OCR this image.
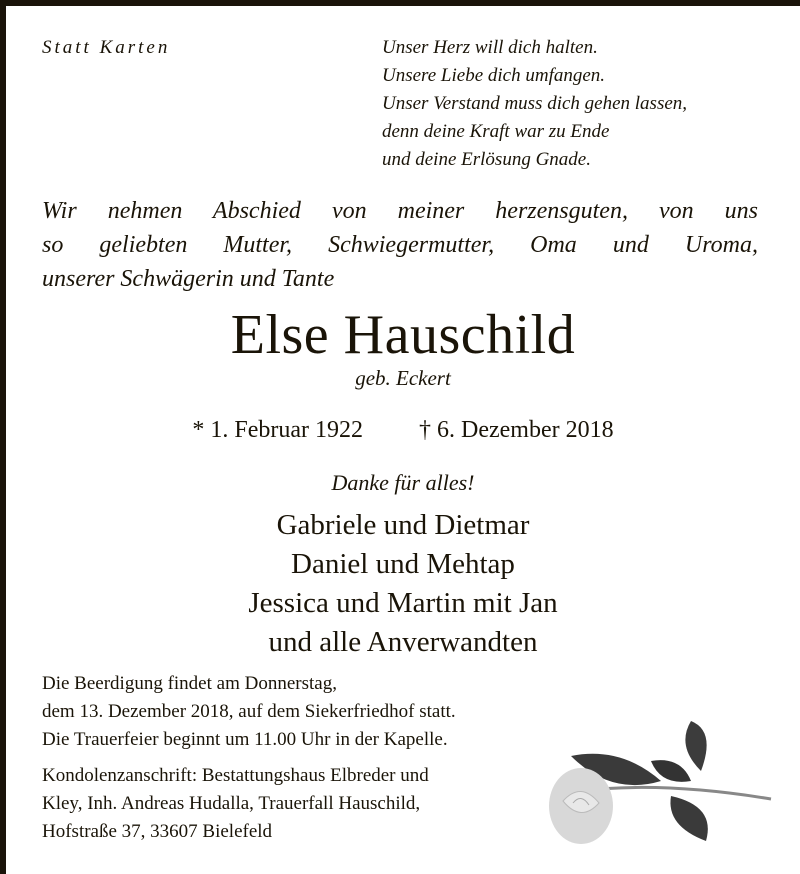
Statt Karten	Unser Herz will dich halten.
Unsere Liebe dich umfangen.
Unser Verstand muss dich gehen lassen,
denn deine Kraft war zu Ende
und deine Erlösung Gnade.
Wir nehmen Abschied von meiner herzensguten, von uns
so geliebten Mutter, Schwiegermutter, Oma und Uroma,
unserer Schwägerin und Tante
Else Hauschild
geb. Eckert
* 1. Februar 1922 † 6. Dezember 2018
Danke für alles!
Gabriele und Dietmar
Daniel und Mehtap
Jessica und Martin mit Jan
und alle Anverwandten
Die Beerdigung findet am Donnerstag,
dem 13. Dezember 2018, auf dem Siekerfriedhof statt.
Die Trauerfeier beginnt um 11.00 Uhr in der Kapelle.
Kondolenzanschrift: Bestattungshaus Elbreder und
Kley, Inh. Andreas Hudalla, Trauerfall Hauschild,
Hofstraße 37, 33607 Bielefeld
